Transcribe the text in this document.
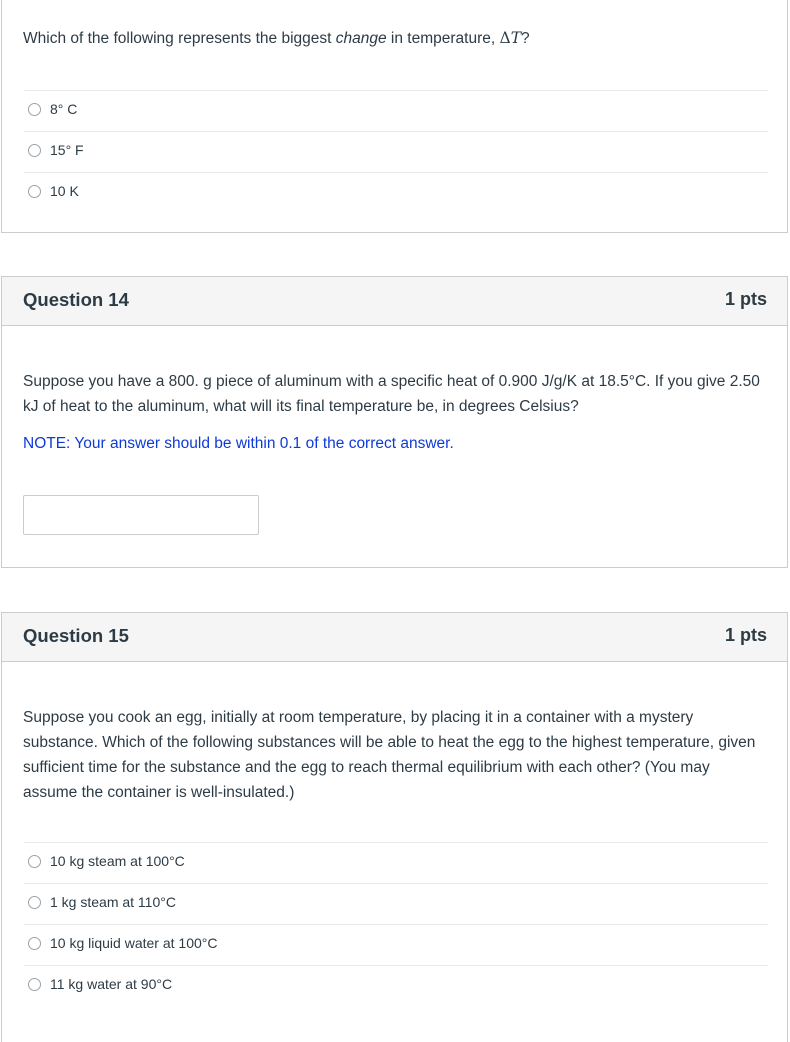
Which of the following represents the biggest change in temperature, ΔT?
8° C
15° F
10 K
Question 14	1 pts

Suppose you have a 800. g piece of aluminum with a specific heat of 0.900 J/g/K at 18.5°C. If you give 2.50 kJ of heat to the aluminum, what will its final temperature be, in degrees Celsius?

NOTE: Your answer should be within 0.1 of the correct answer.

Question 15	1 pts

Suppose you cook an egg, initially at room temperature, by placing it in a container with a mystery substance. Which of the following substances will be able to heat the egg to the highest temperature, given sufficient time for the substance and the egg to reach thermal equilibrium with each other? (You may assume the container is well-insulated.)

10 kg steam at 100°C
1 kg steam at 110°C
10 kg liquid water at 100°C
11 kg water at 90°C
